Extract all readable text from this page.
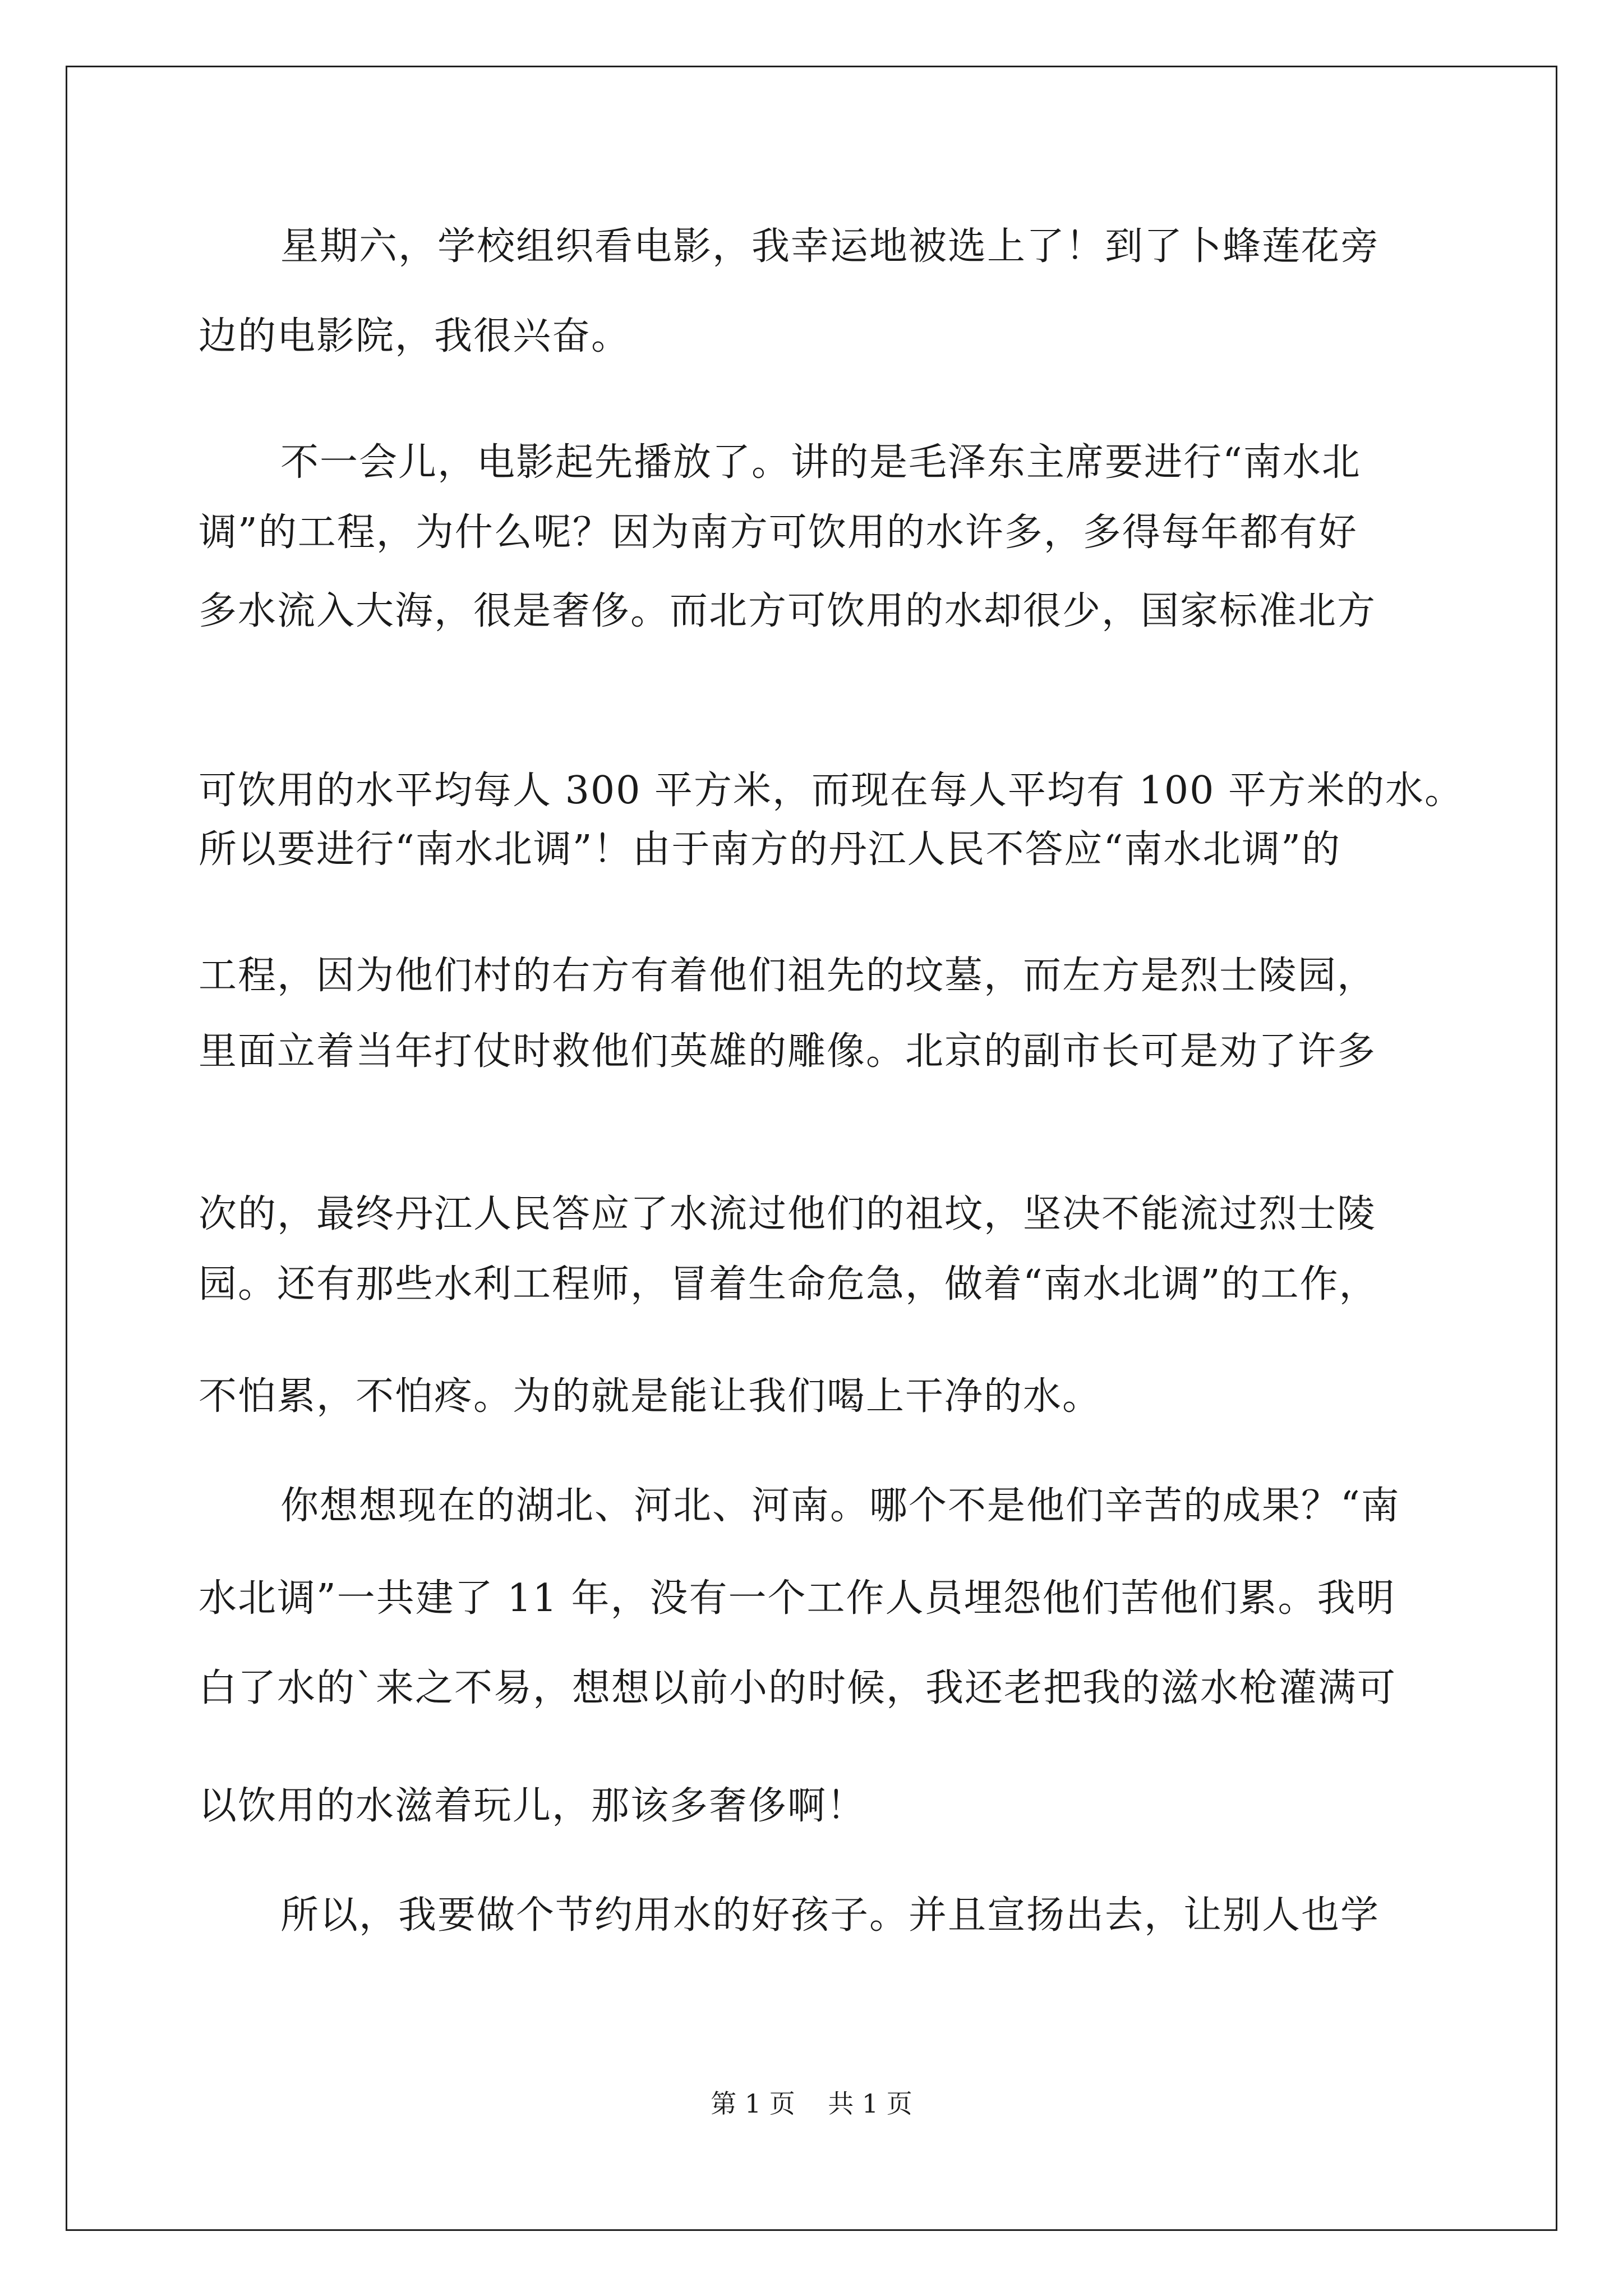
星期六，学校组织看电影，我幸运地被选上了！到了卜蜂莲花旁
边的电影院，我很兴奋。
不一会儿，电影起先播放了。讲的是毛泽东主席要进行“南水北
调”的工程，为什么呢？因为南方可饮用的水许多，多得每年都有好
多水流入大海，很是奢侈。而北方可饮用的水却很少，国家标准北方
可饮用的水平均每人 300 平方米，而现在每人平均有 100 平方米的水。
所以要进行“南水北调”！由于南方的丹江人民不答应“南水北调”的
工程，因为他们村的右方有着他们祖先的坟墓，而左方是烈士陵园，
里面立着当年打仗时救他们英雄的雕像。北京的副市长可是劝了许多
次的，最终丹江人民答应了水流过他们的祖坟，坚决不能流过烈士陵
园。还有那些水利工程师，冒着生命危急，做着“南水北调”的工作，
不怕累，不怕疼。为的就是能让我们喝上干净的水。
你想想现在的湖北、河北、河南。哪个不是他们辛苦的成果？“南
水北调”一共建了 11 年，没有一个工作人员埋怨他们苦他们累。我明
白了水的`来之不易，想想以前小的时候，我还老把我的滋水枪灌满可
以饮用的水滋着玩儿，那该多奢侈啊！
所以，我要做个节约用水的好孩子。并且宣扬出去，让别人也学
第 1 页    共 1 页
